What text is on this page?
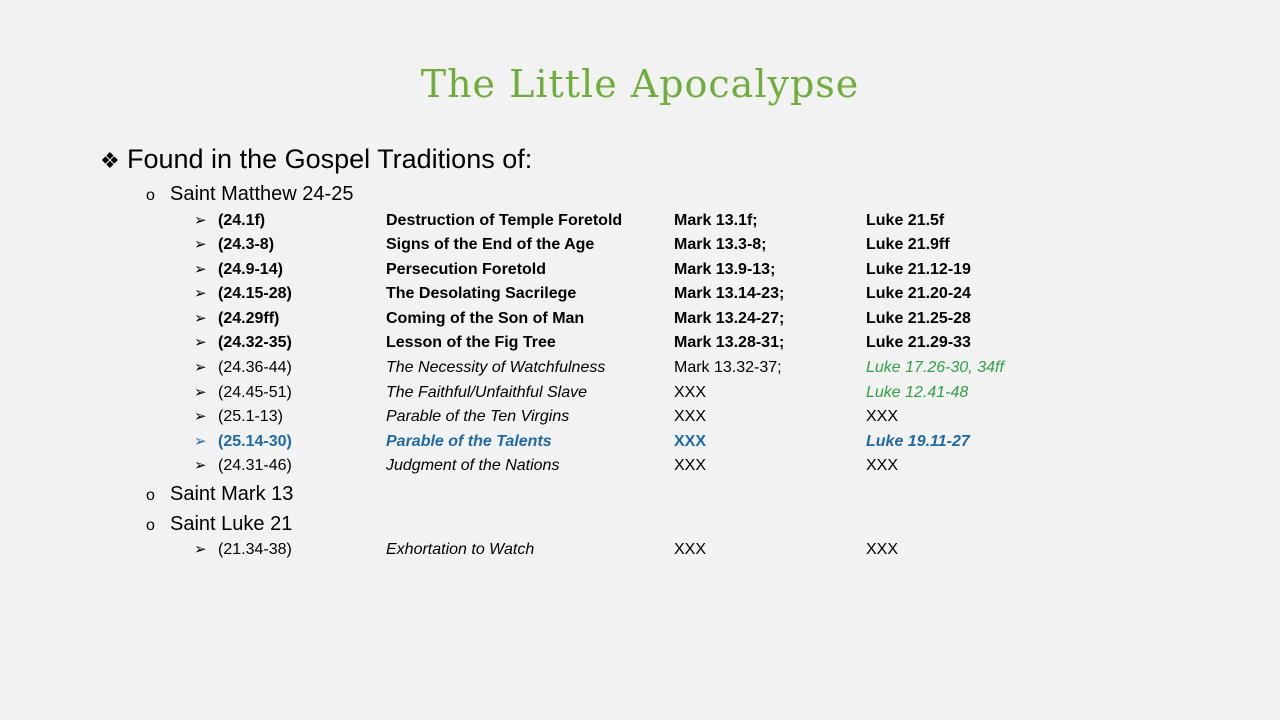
The Little Apocalypse
❖ Found in the Gospel Traditions of:
o Saint Matthew 24-25
➢ (24.1f)	Destruction of Temple Foretold	Mark 13.1f;	Luke 21.5f
➢ (24.3-8)	Signs of the End of the Age	Mark 13.3-8;	Luke 21.9ff
➢ (24.9-14)	Persecution Foretold	Mark 13.9-13;	Luke 21.12-19
➢ (24.15-28)	The Desolating Sacrilege	Mark 13.14-23;	Luke 21.20-24
➢ (24.29ff)	Coming of the Son of Man	Mark 13.24-27;	Luke 21.25-28
➢ (24.32-35)	Lesson of the Fig Tree	Mark 13.28-31;	Luke 21.29-33
➢ (24.36-44)	The Necessity of Watchfulness	Mark 13.32-37;	Luke 17.26-30, 34ff
➢ (24.45-51)	The Faithful/Unfaithful Slave	XXX	Luke 12.41-48
➢ (25.1-13)	Parable of the Ten Virgins	XXX	XXX
➢ (25.14-30)	Parable of the Talents	XXX	Luke 19.11-27
➢ (24.31-46)	Judgment of the Nations	XXX	XXX
o Saint Mark 13
o Saint Luke 21
➢ (21.34-38)	Exhortation to Watch	XXX	XXX
